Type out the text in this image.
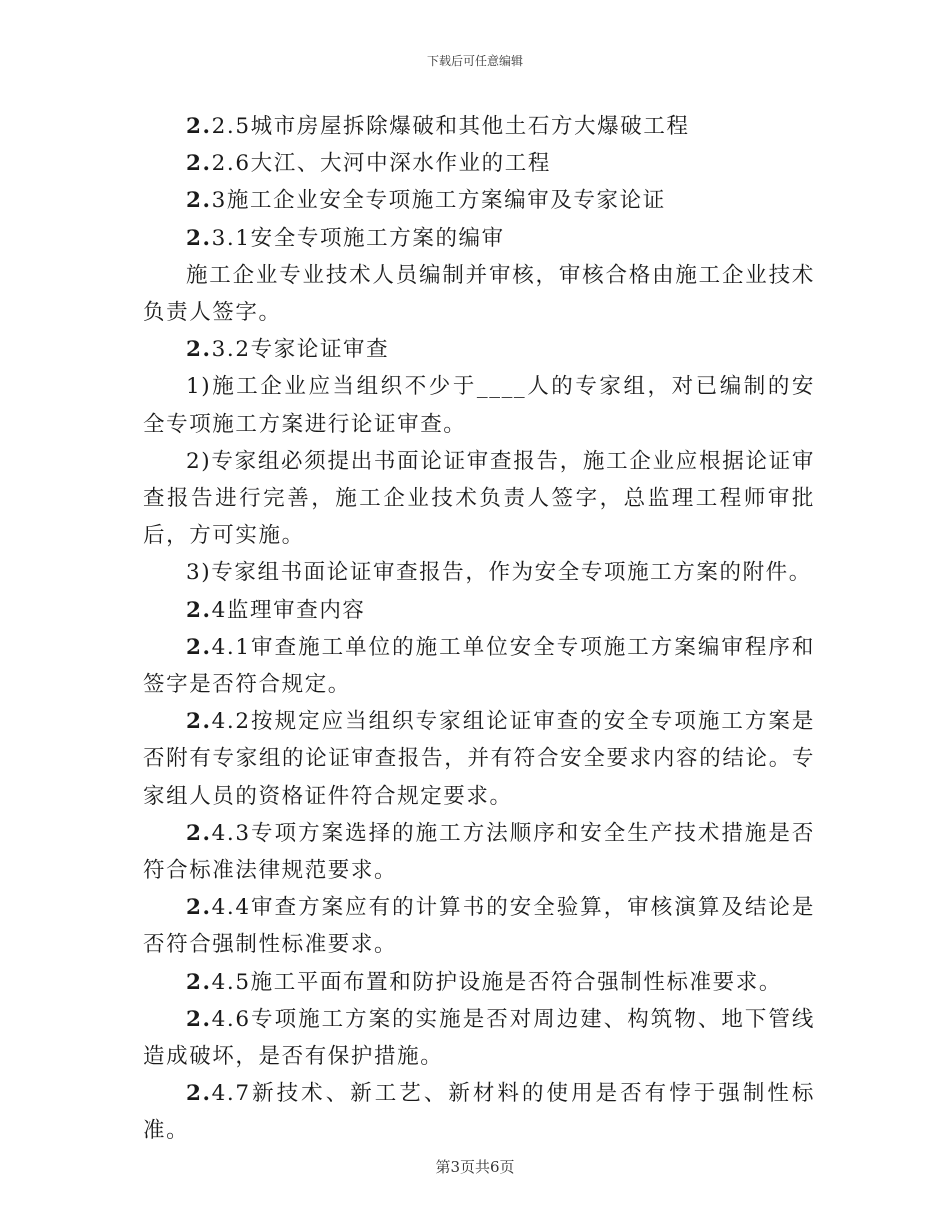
下载后可任意编辑

2.2.5城市房屋拆除爆破和其他土石方大爆破工程

2.2.6大江、大河中深水作业的工程

2.3施工企业安全专项施工方案编审及专家论证

2.3.1安全专项施工方案的编审

施工企业专业技术人员编制并审核，审核合格由施工企业技术负责人签字。

2.3.2专家论证审查

1)施工企业应当组织不少于____人的专家组，对已编制的安全专项施工方案进行论证审查。

2)专家组必须提出书面论证审查报告，施工企业应根据论证审查报告进行完善，施工企业技术负责人签字，总监理工程师审批后，方可实施。

3)专家组书面论证审查报告，作为安全专项施工方案的附件。

2.4监理审查内容

2.4.1审查施工单位的施工单位安全专项施工方案编审程序和签字是否符合规定。

2.4.2按规定应当组织专家组论证审查的安全专项施工方案是否附有专家组的论证审查报告，并有符合安全要求内容的结论。专家组人员的资格证件符合规定要求。

2.4.3专项方案选择的施工方法顺序和安全生产技术措施是否符合标准法律规范要求。

2.4.4审查方案应有的计算书的安全验算，审核演算及结论是否符合强制性标准要求。

2.4.5施工平面布置和防护设施是否符合强制性标准要求。

2.4.6专项施工方案的实施是否对周边建、构筑物、地下管线造成破坏，是否有保护措施。

2.4.7新技术、新工艺、新材料的使用是否有悖于强制性标准。

第3页共6页
